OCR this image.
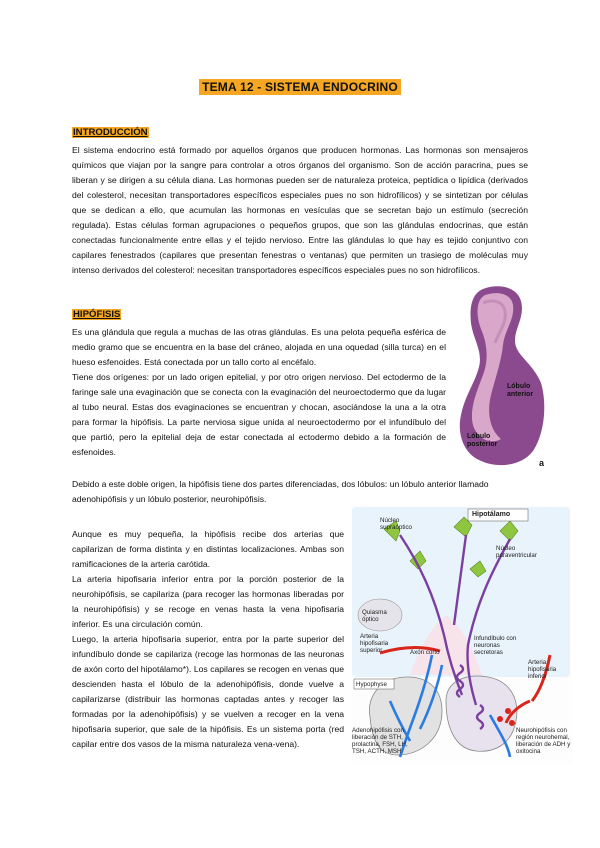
TEMA 12 - SISTEMA ENDOCRINO
INTRODUCCIÓN

El sistema endocrino está formado por aquellos órganos que producen hormonas. Las hormonas son mensajeros químicos que viajan por la sangre para controlar a otros órganos del organismo. Son de acción paracrina, pues se liberan y se dirigen a su célula diana. Las hormonas pueden ser de naturaleza proteica, peptídica o lipídica (derivados del colesterol, necesitan transportadores específicos especiales pues no son hidrofílicos) y se sintetizan por células que se dedican a ello, que acumulan las hormonas en vesículas que se secretan bajo un estímulo (secreción regulada). Estas células forman agrupaciones o pequeños grupos, que son las glándulas endocrinas, que están conectadas funcionalmente entre ellas y el tejido nervioso. Entre las glándulas lo que hay es tejido conjuntivo con capilares fenestrados (capilares que presentan fenestras o ventanas) que permiten un trasiego de moléculas muy intenso derivados del colesterol: necesitan transportadores específicos especiales pues no son hidrofílicos.

HIPÓFISIS

Es una glándula que regula a muchas de las otras glándulas. Es una pelota pequeña esférica de medio gramo que se encuentra en la base del cráneo, alojada en una oquedad (silla turca) en el hueso esfenoides. Está conectada por un tallo corto al encéfalo.

Tiene dos orígenes: por un lado origen epitelial, y por otro origen nervioso. Del ectodermo de la faringe sale una evaginación que se conecta con la evaginación del neuroectodermo que da lugar al tubo neural. Estas dos evaginaciones se encuentran y chocan, asociándose la una a la otra para formar la hipófisis. La parte nerviosa sigue unida al neuroectodermo por el infundíbulo del que partió, pero la epitelial deja de estar conectada al ectodermo debido a la formación de esfenoides.

Debido a este doble origen, la hipófisis tiene dos partes diferenciadas, dos lóbulos: un lóbulo anterior llamado adenohipófisis y un lóbulo posterior, neurohipófisis.

Aunque es muy pequeña, la hipófisis recibe dos arterias que capilarizan de forma distinta y en distintas localizaciones. Ambas son ramificaciones de la arteria carótida.

La arteria hipofisaria inferior entra por la porción posterior de la neurohipófisis, se capilariza (para recoger las hormonas liberadas por la neurohipófisis) y se recoge en venas hasta la vena hipofisaria inferior. Es una circulación común.

Luego, la arteria hipofisaria superior, entra por la parte superior del infundíbulo donde se capilariza (recoge las hormonas de las neuronas de axón corto del hipotálamo*). Los capilares se recogen en venas que descienden hasta el lóbulo de la adenohipófisis, donde vuelve a capilarizarse (distribuir las hormonas captadas antes y recoger las formadas por la adenohipófisis) y se vuelven a recoger en la vena hipofisaria superior, que sale de la hipófisis. Es un sistema porta (red capilar entre dos vasos de la misma naturaleza vena-vena).

Lóbulo anterior
Lóbulo posterior
a
Hipotálamo
Núcleo supraóptico
Núcleo paraventricular
Quiasma óptico
Arteria hipofisaria superior	Axón corto
Infundíbulo con neuronas secretoras
Arteria hipofisaria inferior
Hypophyse
Adenohipófisis con liberación de STH, prolactina, FSH, LH, TSH, ACTH, MSH
Neurohipófisis con región neurohemal, liberación de ADH y oxitocina
